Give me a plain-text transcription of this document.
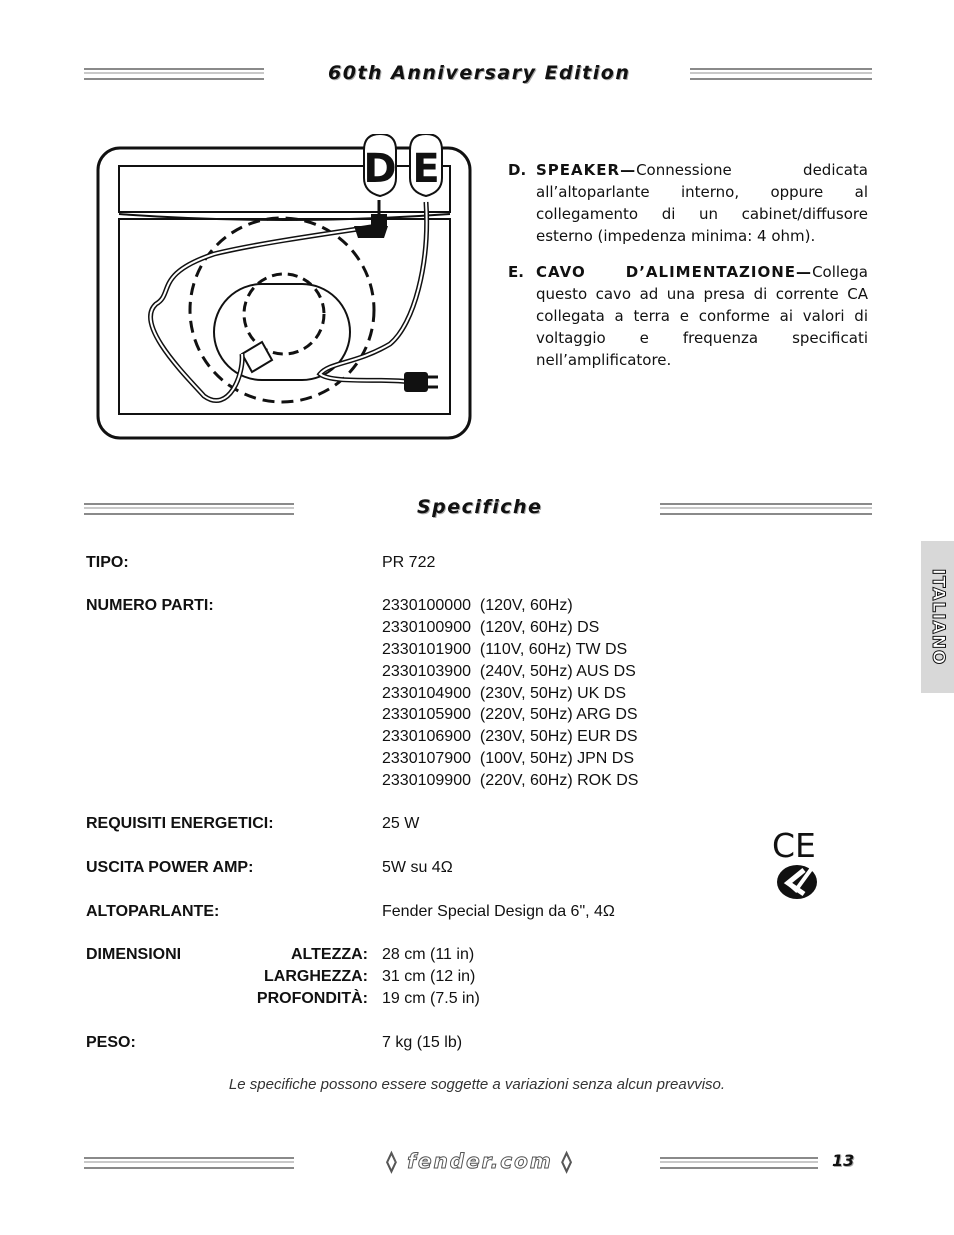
60th Anniversary Edition
D E	D. SPEAKER—Connessione dedicata all’altoparlante interno, oppure al collegamento di un cabinet/diffusore esterno (impedenza minima: 4 ohm).
E. CAVO D’ALIMENTAZIONE—Collega questo cavo ad una presa di corrente CA collegata a terra e conforme ai valori di voltaggio e frequenza specificati nell’amplificatore.
Specifiche
TIPO:	PR 722
NUMERO PARTI:	2330100000  (120V, 60Hz)
2330100900  (120V, 60Hz) DS
2330101900  (110V, 60Hz) TW DS
2330103900  (240V, 50Hz) AUS DS
2330104900  (230V, 50Hz) UK DS
2330105900  (220V, 50Hz) ARG DS
2330106900  (230V, 50Hz) EUR DS
2330107900  (100V, 50Hz) JPN DS
2330109900  (220V, 60Hz) ROK DS
REQUISITI ENERGETICI:	25 W
USCITA POWER AMP:	5W su 4Ω
ALTOPARLANTE:	Fender Special Design da 6", 4Ω
DIMENSIONI	ALTEZZA: 28 cm (11 in)
LARGHEZZA: 31 cm (12 in)
PROFONDITÀ: 19 cm (7.5 in)
PESO:	7 kg (15 lb)
CE
Le specifiche possono essere soggette a variazioni senza alcun preavviso.
ITALIANO
◊ fender.com ◊	13
